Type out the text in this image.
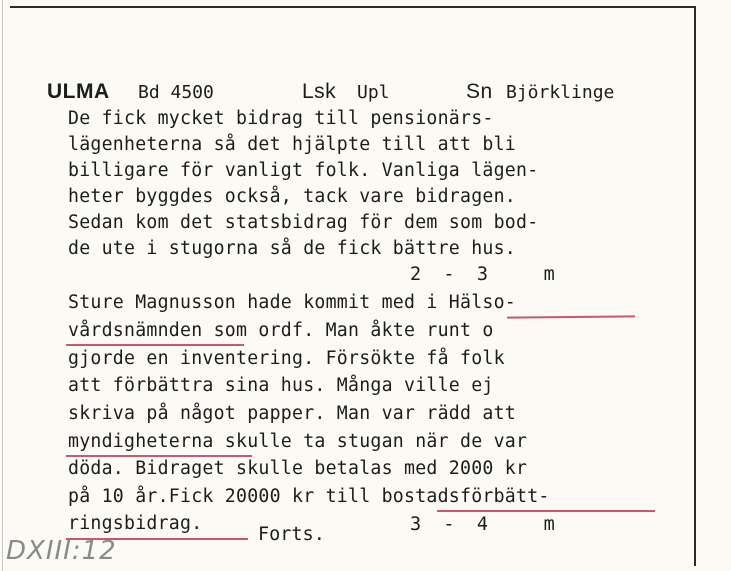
ULMA Bd 4500	Lsk Upl	Sn Björklinge
De fick mycket bidrag till pensionärs-
lägenheterna så det hjälpte till att bli
billigare för vanligt folk. Vanliga lägen-
heter byggdes också, tack vare bidragen.
Sedan kom det statsbidrag för dem som bod-
de ute i stugorna så de fick bättre hus.
2  -  3     m
Sture Magnusson hade kommit med i Hälso-
vårdsnämnden som ordf. Man åkte runt o
gjorde en inventering. Försökte få folk
att förbättra sina hus. Många ville ej
skriva på något papper. Man var rädd att
myndigheterna skulle ta stugan när de var
döda. Bidraget skulle betalas med 2000 kr
på 10 år.Fick 20000 kr till bostadsförbätt-
ringsbidrag.
Forts.	3  -  4     m
DXIII:12
